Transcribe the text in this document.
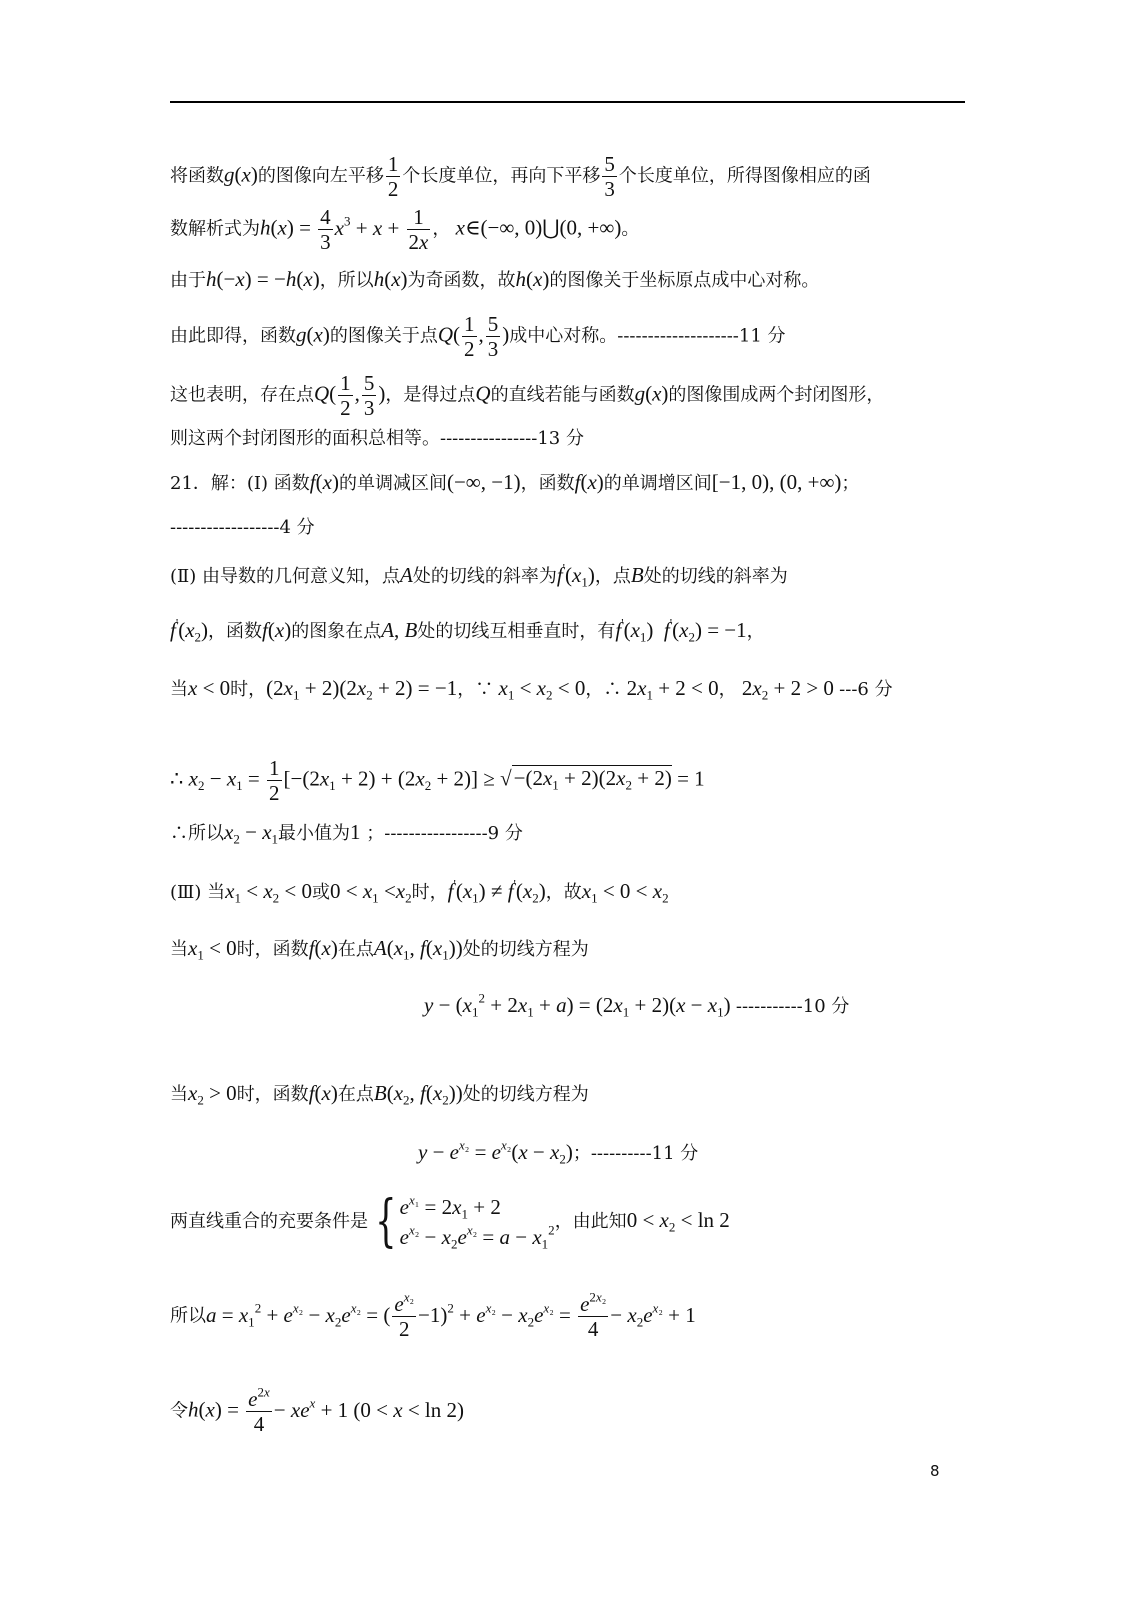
将函数g(x)的图像向左平移 $\frac{1}{2}$ 个长度单位，再向下平移 $\frac{5}{3}$ 个长度单位，所得图像相应的函
数解析式为$h(x) = \frac{4}{3} x^3 + x + \frac{1}{2x}$ ， x∈(−∞, 0)⋃(0, +∞)。
由于h(−x) = −h(x)，所以h(x)为奇函数，故h(x)的图像关于坐标原点成中心对称。
由此即得，函数g(x)的图像关于点$Q( \frac{1}{2}$ , $\frac{5}{3}$ )成中心对称。--------------------11 分
这也表明，存在点$Q( \frac{1}{2}$ , $\frac{5}{3}$ )，是得过点Q的直线若能与函数g(x)的图像围成两个封闭图形，
则这两个封闭图形的面积总相等。----------------13 分
21．解：(Ⅰ) 函数f(x)的单调减区间(−∞, −1)，函数f(x)的单调增区间[−1, 0), (0, +∞)；
------------------4 分
(Ⅱ) 由导数的几何意义知，点A处的切线的斜率为$f'(x_1)$，点B处的切线的斜率为
$f'(x_2)$，函数f(x)的图象在点A, B处的切线互相垂直时，有$f'(x_1) f'(x_2) = -1$，
当x < 0时，$(2x_1 + 2)(2x_2 + 2) = -1$，∵ $x_1 < x_2 < 0$，∴ $2x_1 + 2 < 0$， $2x_2 + 2 > 0$ ---6 分
∴ $x_2 - x_1 = \frac{1}{2} [-(2x_1 + 2) + (2x_2 + 2)] \ge √-(2x_1 + 2)(2x_2 + 2) = 1$
∴所以$x_2 - x_1$最小值为1 ；-----------------9 分
(Ⅲ) 当$x_1 < x_2 < 0$或$0 < x_1 <x_2$时，$f'(x_1) \ne f'(x_2)$，故$x_1 < 0 < x_2$
当$x_1 < 0$时，函数f(x)在点$A(x_1$, $f(x_1)$)处的切线方程为
$y - (x_1^2 + 2x_1 + a) = (2x_1 + 2)(x - x_1)$ -----------10 分
当$x_2 > 0$时，函数f(x)在点$B(x_2$, $f(x_2)$)处的切线方程为
$y - e^{x_2} = e^{x_2}(x - x_2)$；----------11 分
两直线重合的充要条件是 { $e^{x_1} = 2x_1 + 2$
$e^{x_2} - x_2e^{x_2} = a - x_1^2$ ，由此知$0 < x_2 < \ln 2$
所以$a = x_1^2 + e^{x_2} - x_2e^{x_2}$ = ( $\frac{e^{x_2}}{2} -1)^2 + e^{x_2} - x_2e^{x_2} = \frac{e^{2x_2}}{4} - x_2e^{x_2} + 1$
令$h(x) = \frac{e^{2x}}{4} - xe^x + 1$ (0 < x < ln 2)
8
